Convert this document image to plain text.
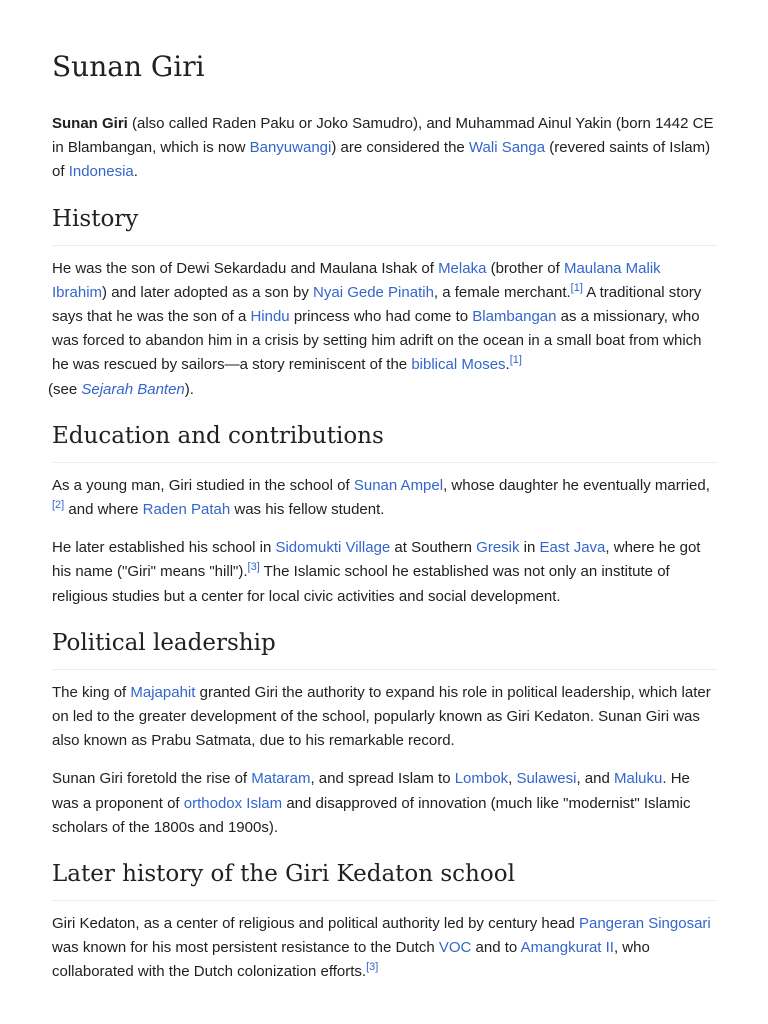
Sunan Giri

Sunan Giri (also called Raden Paku or Joko Samudro), and Muhammad Ainul Yakin (born 1442 CE in Blambangan, which is now Banyuwangi) are considered the Wali Sanga (revered saints of Islam) of Indonesia.

History

He was the son of Dewi Sekardadu and Maulana Ishak of Melaka (brother of Maulana Malik Ibrahim) and later adopted as a son by Nyai Gede Pinatih, a female merchant.[1] A traditional story says that he was the son of a Hindu princess who had come to Blambangan as a missionary, who was forced to abandon him in a crisis by setting him adrift on the ocean in a small boat from which he was rescued by sailors—a story reminiscent of the biblical Moses.[1]
(see Sejarah Banten).

Education and contributions

As a young man, Giri studied in the school of Sunan Ampel, whose daughter he eventually married,[2] and where Raden Patah was his fellow student.

He later established his school in Sidomukti Village at Southern Gresik in East Java, where he got his name ("Giri" means "hill").[3] The Islamic school he established was not only an institute of religious studies but a center for local civic activities and social development.

Political leadership

The king of Majapahit granted Giri the authority to expand his role in political leadership, which later on led to the greater development of the school, popularly known as Giri Kedaton. Sunan Giri was also known as Prabu Satmata, due to his remarkable record.

Sunan Giri foretold the rise of Mataram, and spread Islam to Lombok, Sulawesi, and Maluku. He was a proponent of orthodox Islam and disapproved of innovation (much like "modernist" Islamic scholars of the 1800s and 1900s).

Later history of the Giri Kedaton school

Giri Kedaton, as a center of religious and political authority led by century head Pangeran Singosari was known for his most persistent resistance to the Dutch VOC and to Amangkurat II, who collaborated with the Dutch colonization efforts.[3]
